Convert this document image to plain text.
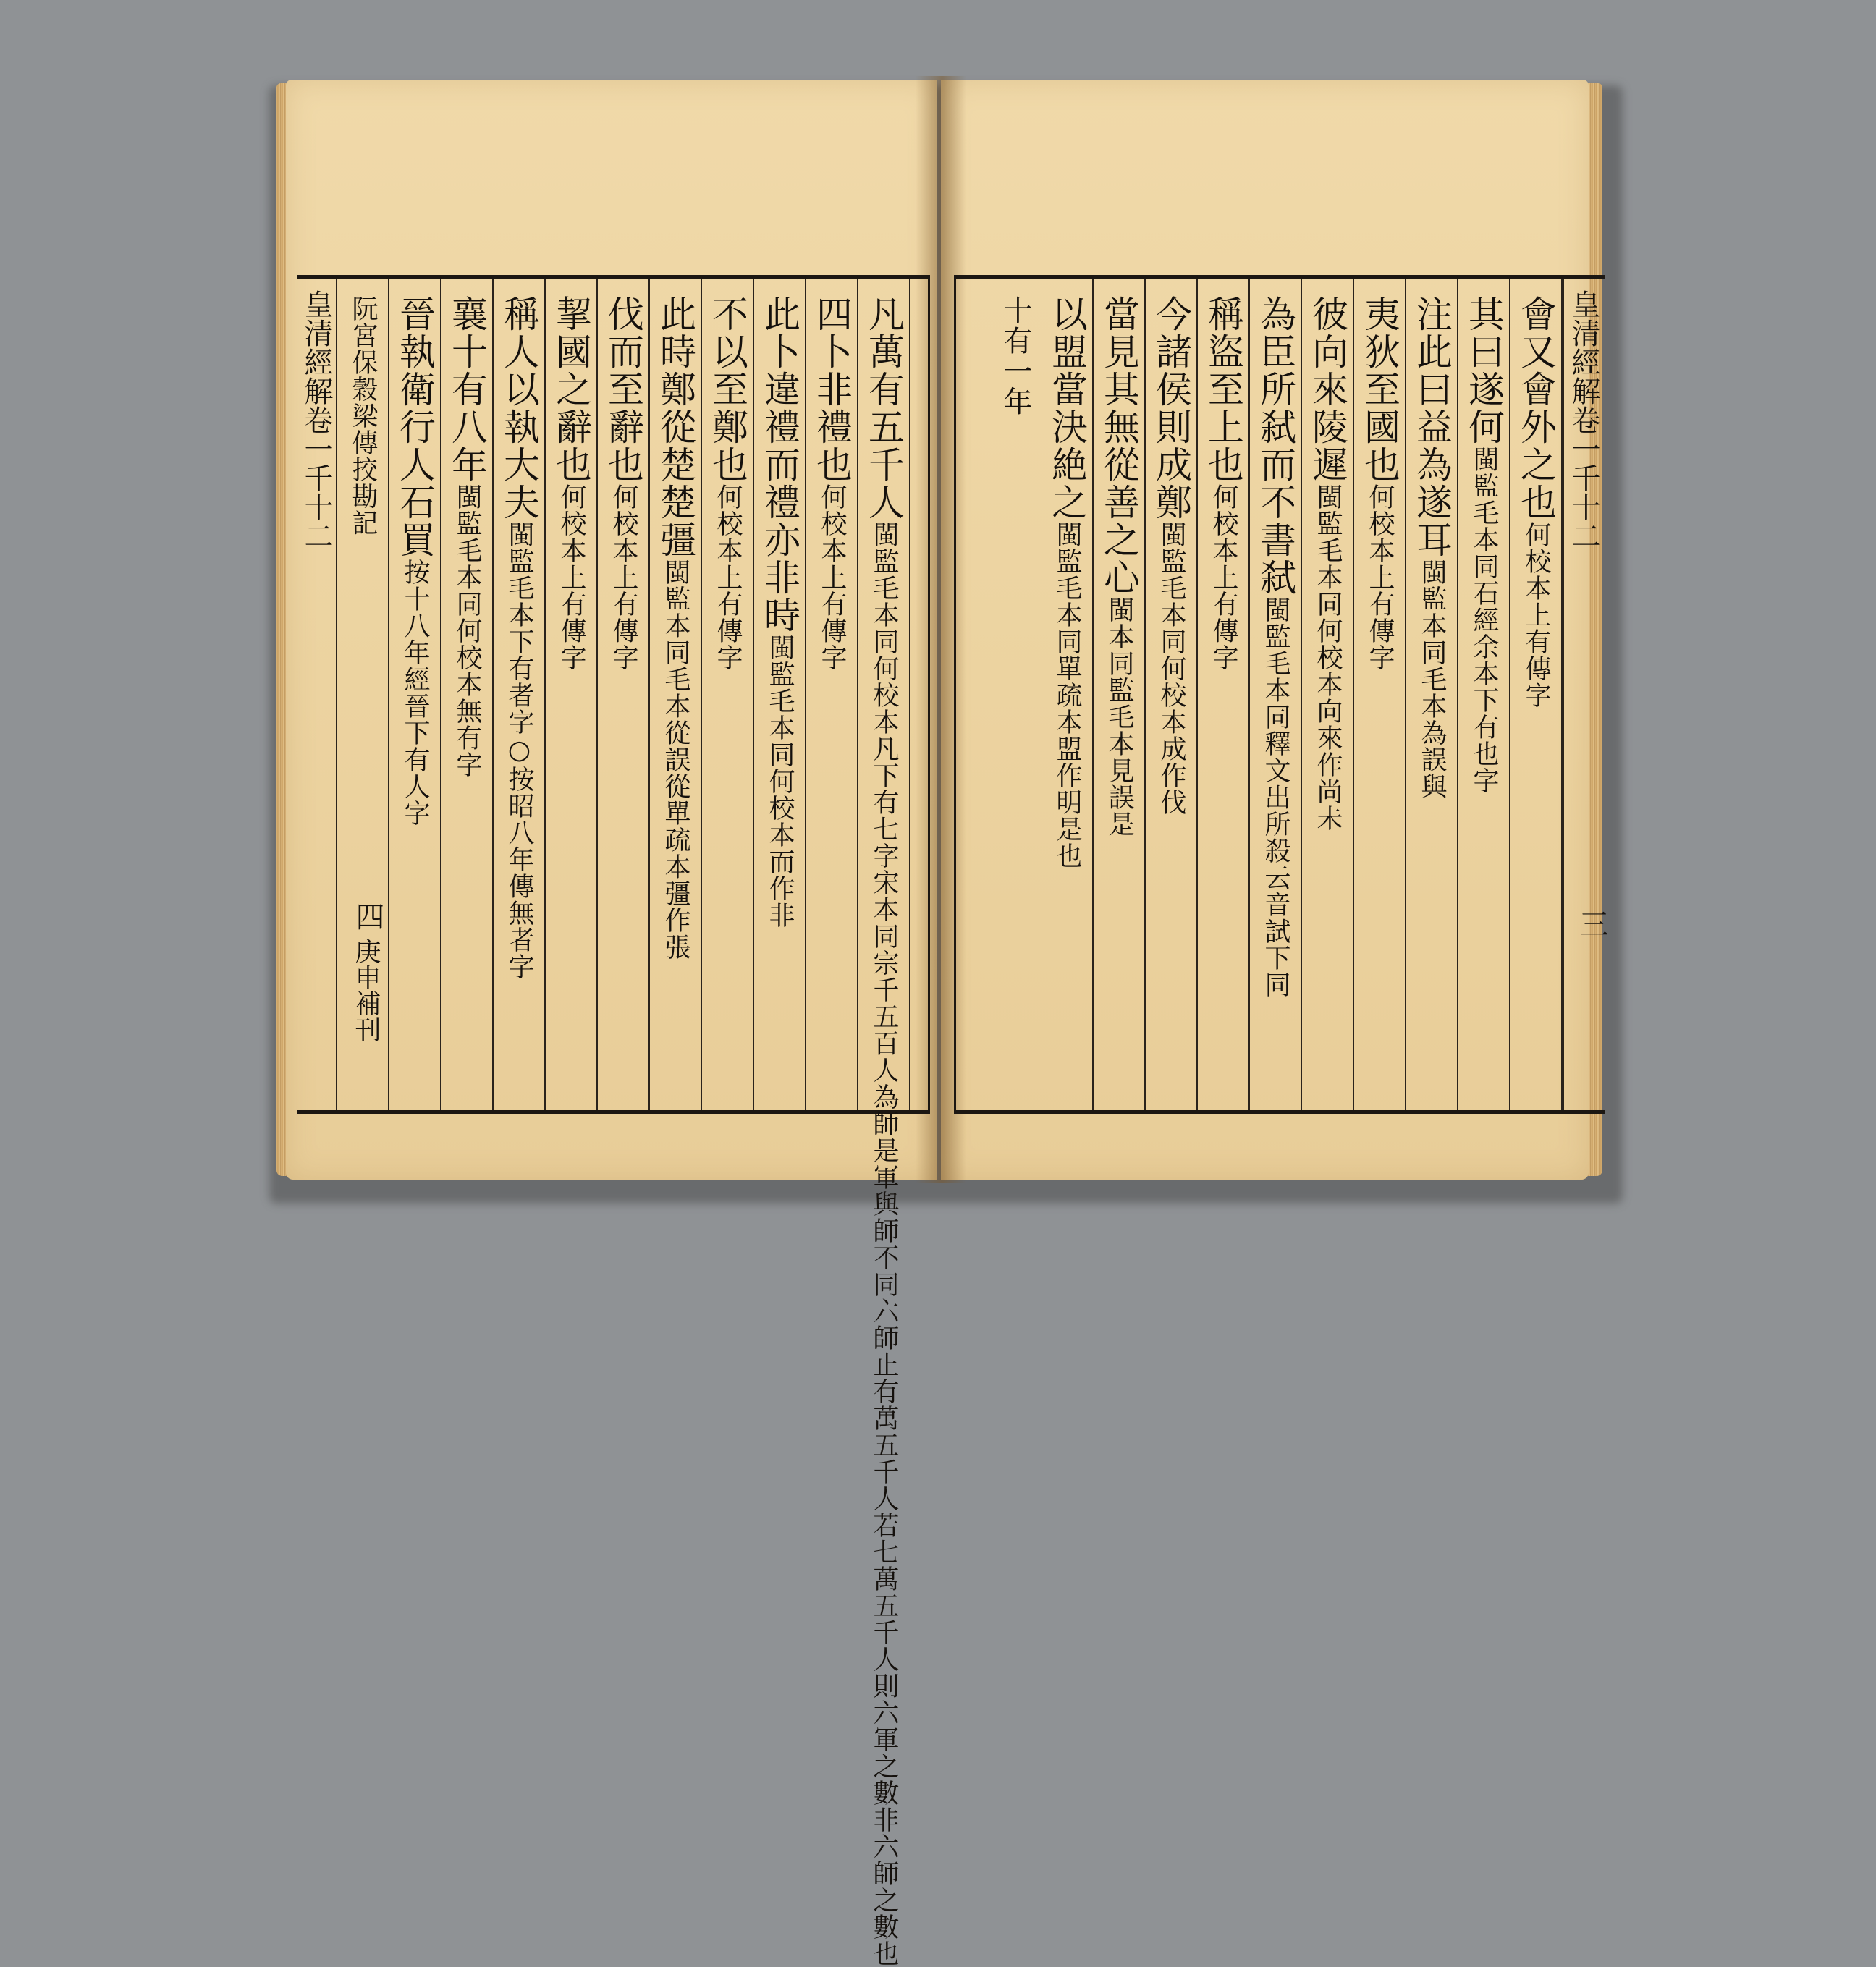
皇清經解卷一千十二	凡萬有五千人閩監毛本同何校本凡下有七字宋本同宗千五百人為師是軍與師不同六師止有萬五千人若七萬五千人則六軍之數非六師之數也
四卜非禮也何校本上有傳字
此卜違禮而禮亦非時閩監毛本同何校本而作非
不以至鄭也何校本上有傳字
此時鄭從楚楚彊閩監本同毛本從誤從單疏本彊作張
伐而至辭也何校本上有傳字
挈國之辭也何校本上有傳字
稱人以執大夫閩監毛本下有者字○按昭八年傳無者字
襄十有八年閩監毛本同何校本無有字
晉執衛行人石買按十八年經晉下有人字
阮宮保穀梁傳挍勘記
四
庚申補刊
會又會外之也何校本上有傳字
其曰遂何閩監毛本同石經余本下有也字
注此曰益為遂耳閩監本同毛本為誤與
夷狄至國也何校本上有傳字
彼向來陵遲閩監毛本同何校本向來作尚未
為臣所弑而不書弑閩監毛本同釋文出所殺云音試下同
稱盜至上也何校本上有傳字
今諸侯則成鄭閩監毛本同何校本成作伐
當見其無從善之心閩本同監毛本見誤是
以盟當決絶之閩監毛本同單疏本盟作明是也
十有一年	皇清經解卷一千十二
三
